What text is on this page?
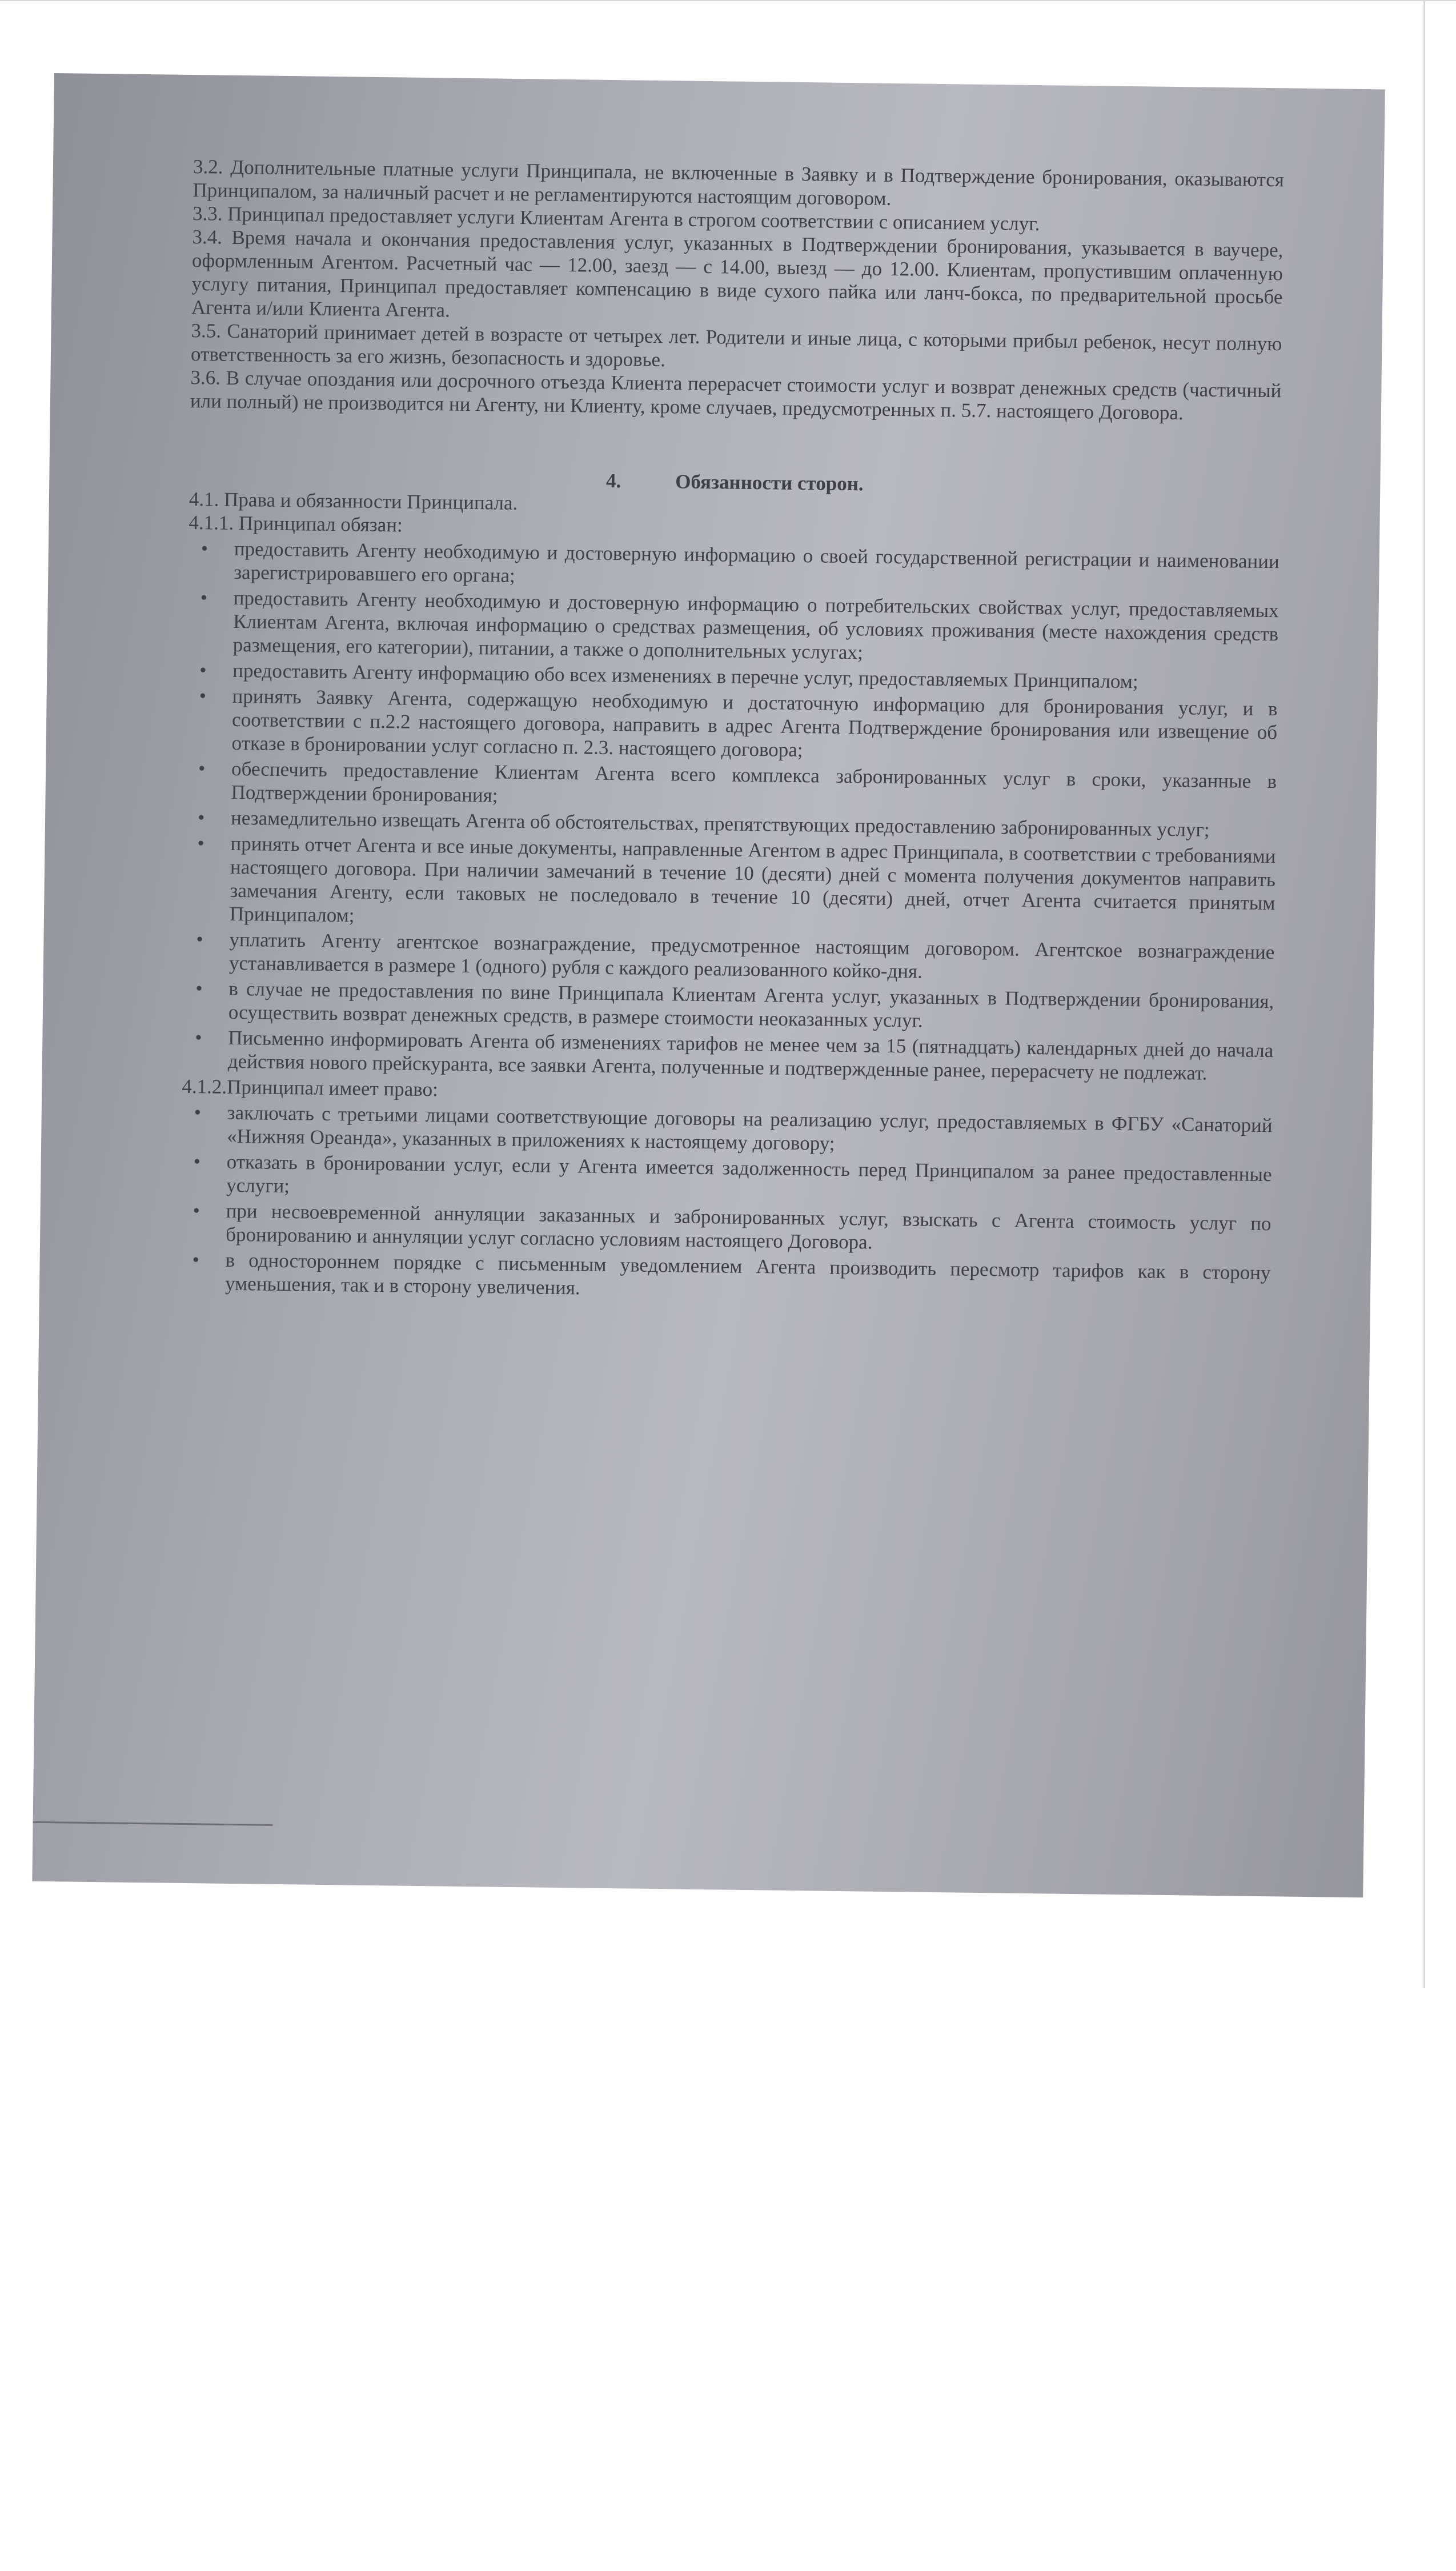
3.2. Дополнительные платные услуги Принципала, не включенные в Заявку и в Подтверждение бронирования, оказываются Принципалом, за наличный расчет и не регламентируются настоящим договором.

3.3. Принципал предоставляет услуги Клиентам Агента в строгом соответствии с описанием услуг.

3.4. Время начала и окончания предоставления услуг, указанных в Подтверждении бронирования, указывается в ваучере, оформленным Агентом. Расчетный час — 12.00, заезд — с 14.00, выезд — до 12.00. Клиентам, пропустившим оплаченную услугу питания, Принципал предоставляет компенсацию в виде сухого пайка или ланч-бокса, по предварительной просьбе Агента и/или Клиента Агента.

3.5. Санаторий принимает детей в возрасте от четырех лет. Родители и иные лица, с которыми прибыл ребенок, несут полную ответственность за его жизнь, безопасность и здоровье.

3.6. В случае опоздания или досрочного отъезда Клиента перерасчет стоимости услуг и возврат денежных средств (частичный или полный) не производится ни Агенту, ни Клиенту, кроме случаев, предусмотренных п. 5.7. настоящего Договора.

4.	Обязанности сторон.

4.1. Права и обязанности Принципала.

4.1.1. Принципал обязан:

• предоставить Агенту необходимую и достоверную информацию о своей государственной регистрации и наименовании зарегистрировавшего его органа;
• предоставить Агенту необходимую и достоверную информацию о потребительских свойствах услуг, предоставляемых Клиентам Агента, включая информацию о средствах размещения, об условиях проживания (месте нахождения средств размещения, его категории), питании, а также о дополнительных услугах;
• предоставить Агенту информацию обо всех изменениях в перечне услуг, предоставляемых Принципалом;
• принять Заявку Агента, содержащую необходимую и достаточную информацию для бронирования услуг, и в соответствии с п.2.2 настоящего договора, направить в адрес Агента Подтверждение бронирования или извещение об отказе в бронировании услуг согласно п. 2.3. настоящего договора;
• обеспечить предоставление Клиентам Агента всего комплекса забронированных услуг в сроки, указанные в Подтверждении бронирования;
• незамедлительно извещать Агента об обстоятельствах, препятствующих предоставлению забронированных услуг;
• принять отчет Агента и все иные документы, направленные Агентом в адрес Принципала, в соответствии с требованиями настоящего договора. При наличии замечаний в течение 10 (десяти) дней с момента получения документов направить замечания Агенту, если таковых не последовало в течение 10 (десяти) дней, отчет Агента считается принятым Принципалом;
• уплатить Агенту агентское вознаграждение, предусмотренное настоящим договором. Агентское вознаграждение устанавливается в размере 1 (одного) рубля с каждого реализованного койко-дня.
• в случае не предоставления по вине Принципала Клиентам Агента услуг, указанных в Подтверждении бронирования, осуществить возврат денежных средств, в размере стоимости неоказанных услуг.
• Письменно информировать Агента об изменениях тарифов не менее чем за 15 (пятнадцать) календарных дней до начала действия нового прейскуранта, все заявки Агента, полученные и подтвержденные ранее, перерасчету не подлежат.

4.1.2.Принципал имеет право:

• заключать с третьими лицами соответствующие договоры на реализацию услуг, предоставляемых в ФГБУ «Санаторий «Нижняя Ореанда», указанных в приложениях к настоящему договору;
• отказать в бронировании услуг, если у Агента имеется задолженность перед Принципалом за ранее предоставленные услуги;
• при несвоевременной аннуляции заказанных и забронированных услуг, взыскать с Агента стоимость услуг по бронированию и аннуляции услуг согласно условиям настоящего Договора.
• в одностороннем порядке с письменным уведомлением Агента производить пересмотр тарифов как в сторону уменьшения, так и в сторону увеличения.
